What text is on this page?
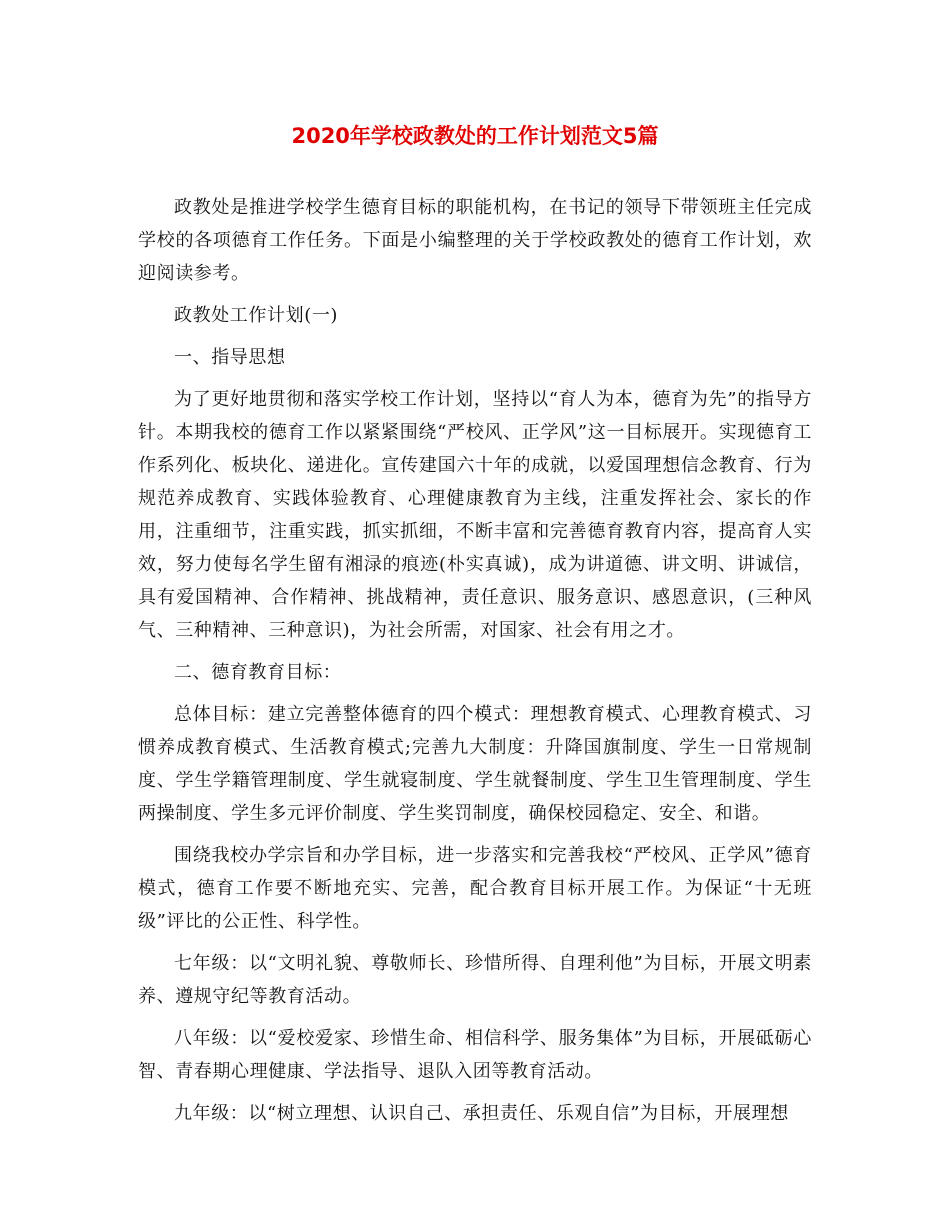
2020年学校政教处的工作计划范文5篇

政教处是推进学校学生德育目标的职能机构，在书记的领导下带领班主任完成学校的各项德育工作任务。下面是小编整理的关于学校政教处的德育工作计划，欢迎阅读参考。

政教处工作计划(一)

一、指导思想

为了更好地贯彻和落实学校工作计划，坚持以“育人为本，德育为先”的指导方针。本期我校的德育工作以紧紧围绕“严校风、正学风”这一目标展开。实现德育工作系列化、板块化、递进化。宣传建国六十年的成就，以爱国理想信念教育、行为规范养成教育、实践体验教育、心理健康教育为主线，注重发挥社会、家长的作用，注重细节，注重实践，抓实抓细，不断丰富和完善德育教育内容，提高育人实效，努力使每名学生留有湘渌的痕迹(朴实真诚)，成为讲道德、讲文明、讲诚信，具有爱国精神、合作精神、挑战精神，责任意识、服务意识、感恩意识，(三种风气、三种精神、三种意识)，为社会所需，对国家、社会有用之才。

二、德育教育目标：

总体目标：建立完善整体德育的四个模式：理想教育模式、心理教育模式、习惯养成教育模式、生活教育模式;完善九大制度：升降国旗制度、学生一日常规制度、学生学籍管理制度、学生就寝制度、学生就餐制度、学生卫生管理制度、学生两操制度、学生多元评价制度、学生奖罚制度，确保校园稳定、安全、和谐。

围绕我校办学宗旨和办学目标，进一步落实和完善我校“严校风、正学风”德育模式，德育工作要不断地充实、完善，配合教育目标开展工作。为保证“十无班级”评比的公正性、科学性。

七年级：以“文明礼貌、尊敬师长、珍惜所得、自理利他”为目标，开展文明素养、遵规守纪等教育活动。

八年级：以“爱校爱家、珍惜生命、相信科学、服务集体”为目标，开展砥砺心智、青春期心理健康、学法指导、退队入团等教育活动。

九年级：以“树立理想、认识自己、承担责任、乐观自信”为目标，开展理想
